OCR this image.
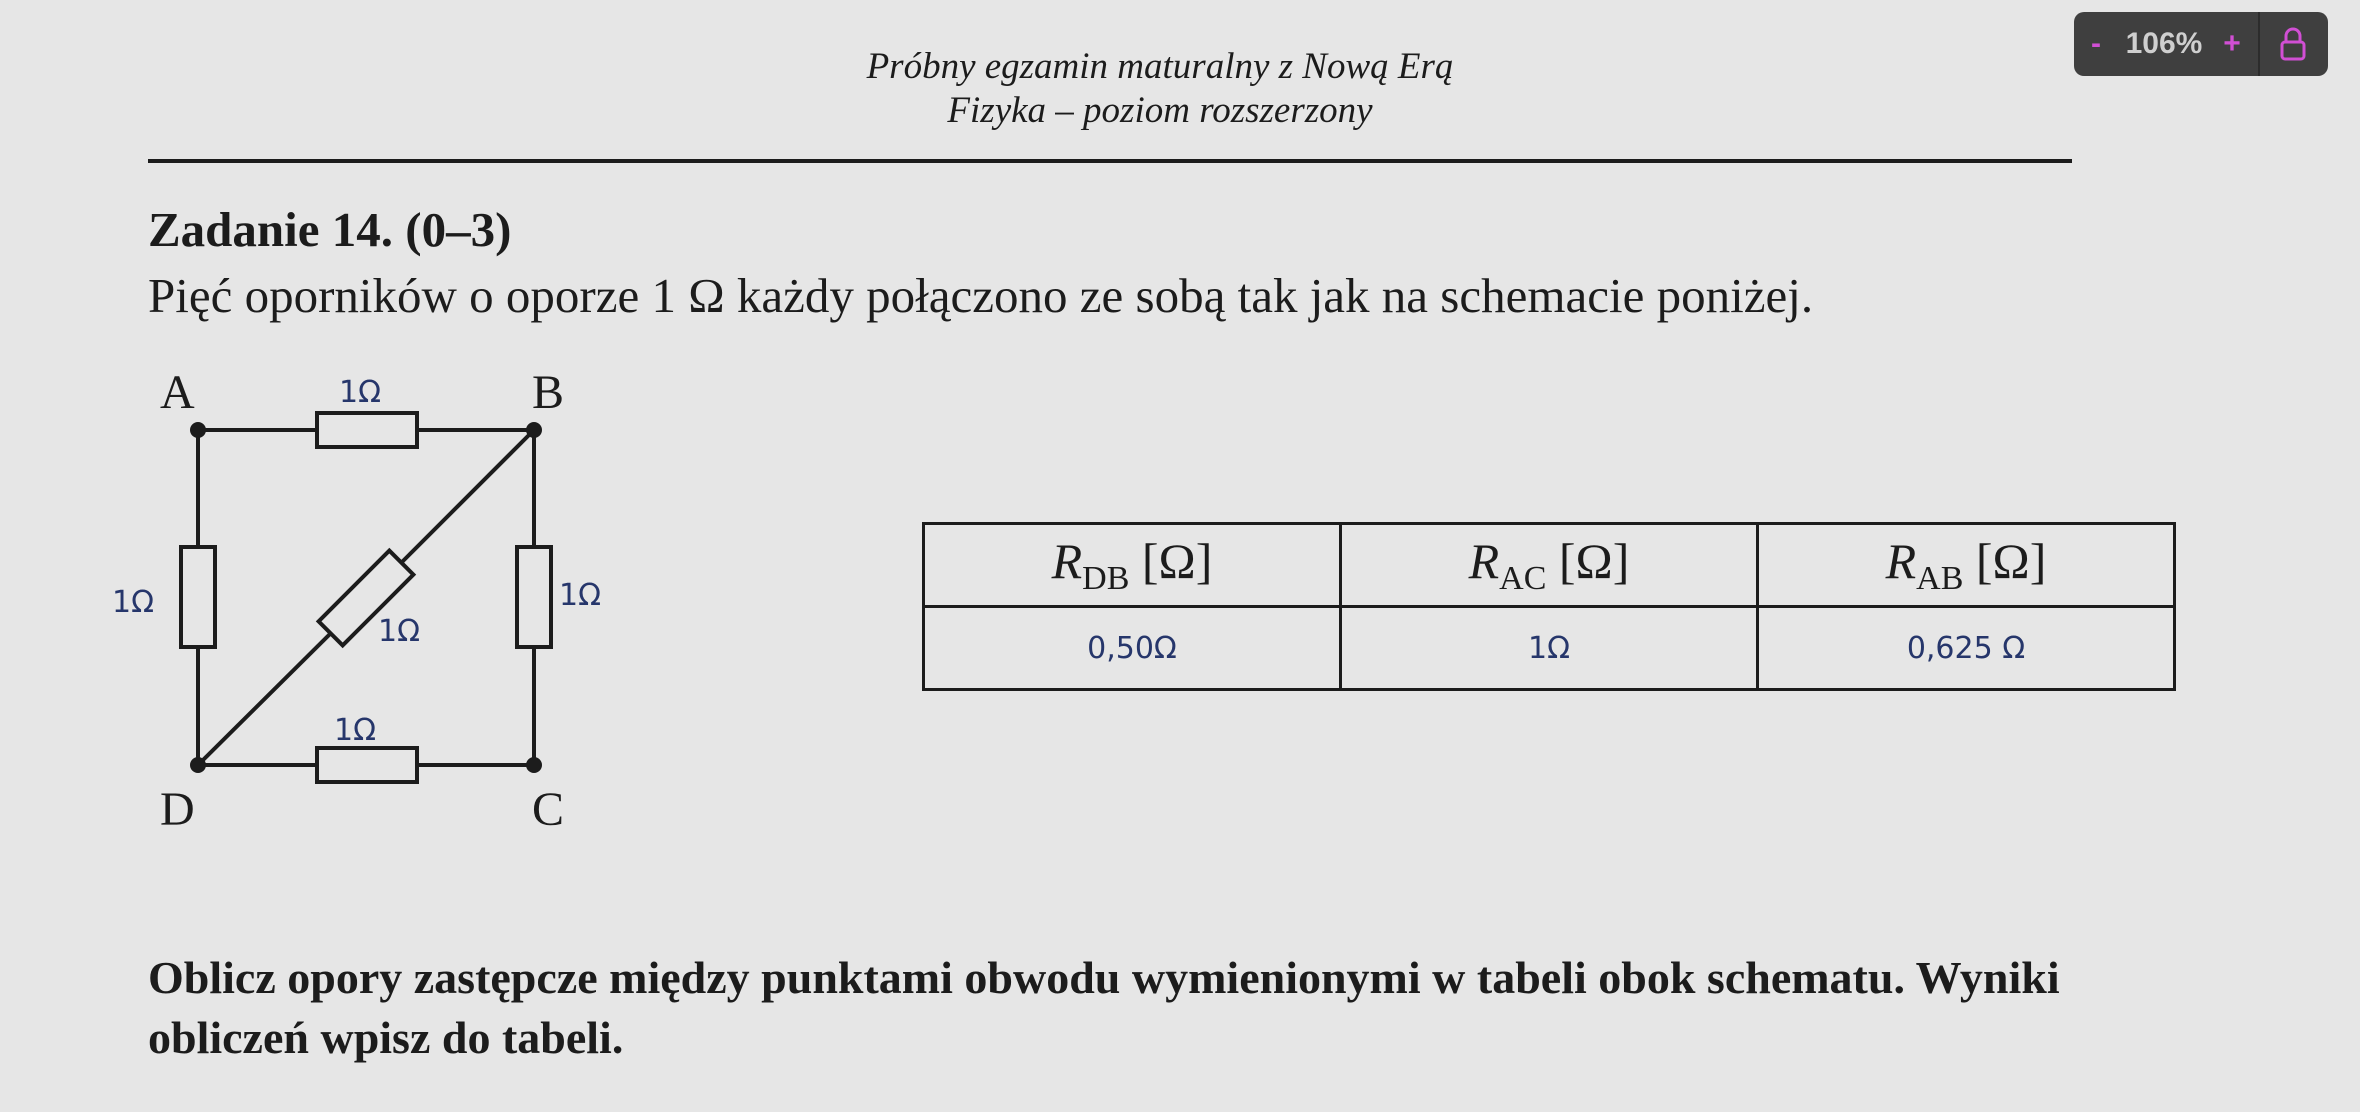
Próbny egzamin maturalny z Nową Erą
Fizyka – poziom rozszerzony
Zadanie 14. (0–3)
Pięć oporników o oporze 1 Ω każdy połączono ze sobą tak jak na schemacie poniżej.
A	B
C
D
1Ω
1Ω	1Ω
1Ω
1Ω
$R_{DB}$ [Ω]	$R_{AC}$ [Ω]	$R_{AB}$ [Ω]
0,50Ω	1Ω	0,625 Ω
Oblicz opory zastępcze między punktami obwodu wymienionymi w tabeli obok schematu. Wyniki obliczeń wpisz do tabeli.
- 106% +
